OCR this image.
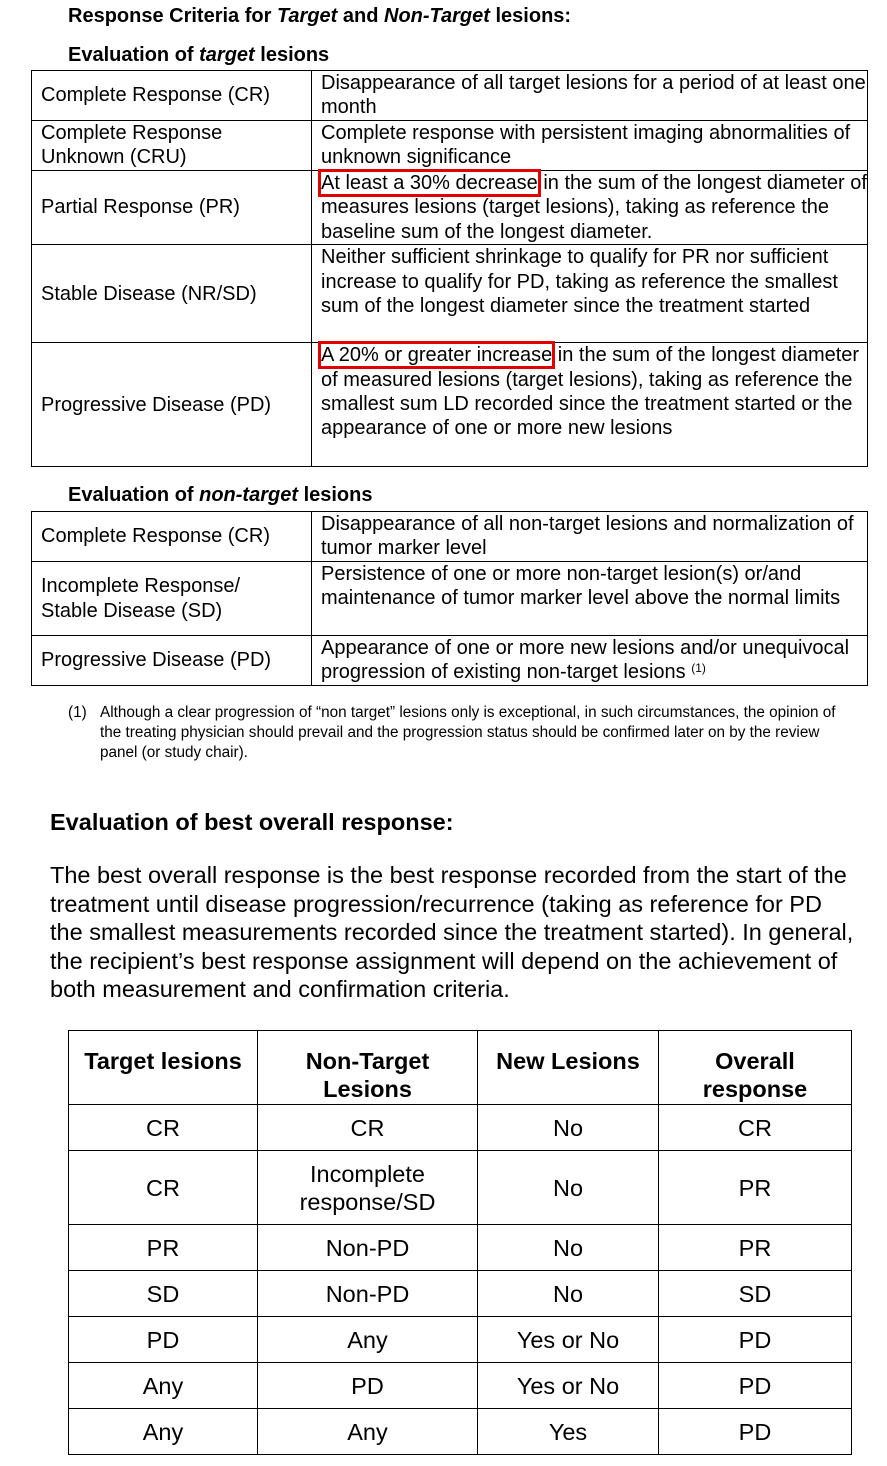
Response Criteria for Target and Non-Target lesions:
Evaluation of target lesions
Complete Response (CR)	Disappearance of all target lesions for a period of at least one month
Complete Response
Unknown (CRU)	Complete response with persistent imaging abnormalities of unknown significance
Partial Response (PR)	At least a 30% decrease in the sum of the longest diameter of measures lesions (target lesions), taking as reference the baseline sum of the longest diameter.
Stable Disease (NR/SD)	Neither sufficient shrinkage to qualify for PR nor sufficient increase to qualify for PD, taking as reference the smallest sum of the longest diameter since the treatment started
Progressive Disease (PD)	A 20% or greater increase in the sum of the longest diameter of measured lesions (target lesions), taking as reference the smallest sum LD recorded since the treatment started or the appearance of one or more new lesions
Evaluation of non-target lesions
Complete Response (CR)	Disappearance of all non-target lesions and normalization of tumor marker level
Incomplete Response/
Stable Disease (SD)	Persistence of one or more non-target lesion(s) or/and maintenance of tumor marker level above the normal limits
Progressive Disease (PD)	Appearance of one or more new lesions and/or unequivocal progression of existing non-target lesions $^{(1)}$
(1) Although a clear progression of “non target” lesions only is exceptional, in such circumstances, the opinion of the treating physician should prevail and the progression status should be confirmed later on by the review panel (or study chair).
Evaluation of best overall response:

The best overall response is the best response recorded from the start of the treatment until disease progression/recurrence (taking as reference for PD the smallest measurements recorded since the treatment started). In general, the recipient’s best response assignment will depend on the achievement of both measurement and confirmation criteria.

Target lesions	Non-Target Lesions	New Lesions	Overall response
CR	CR	No	CR
CR	Incomplete response/SD	No	PR
PR	Non-PD	No	PR
SD	Non-PD	No	SD
PD	Any	Yes or No	PD
Any	PD	Yes or No	PD
Any	Any	Yes	PD
